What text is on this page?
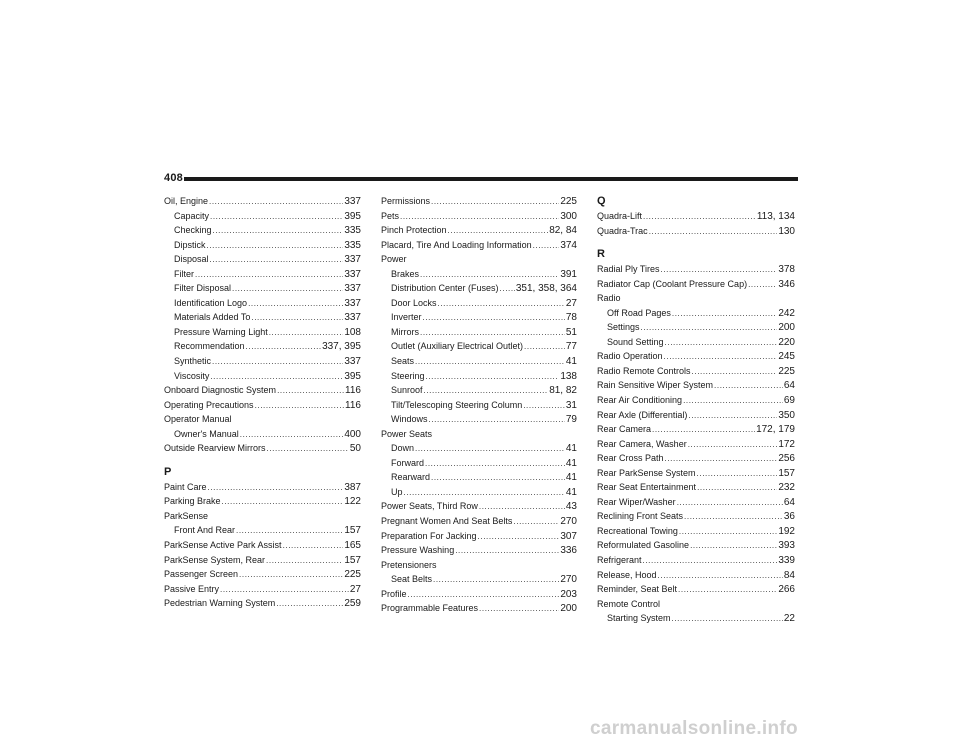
408
Oil, Engine .....	337
Capacity .....	395
Checking .....	335
Dipstick .....	335
Disposal .....	337
Filter .....	337
Filter Disposal .....	337
Identification Logo .....	337
Materials Added To .....	337
Pressure Warning Light .....	108
Recommendation .....	337, 395
Synthetic .....	337
Viscosity .....	395
Onboard Diagnostic System .....	116
Operating Precautions .....	116
Operator Manual
Owner's Manual .....	400
Outside Rearview Mirrors .....	50
P
Paint Care .....	387
Parking Brake .....	122
ParkSense
Front And Rear .....	157
ParkSense Active Park Assist .....	165
ParkSense System, Rear .....	157
Passenger Screen .....	225
Passive Entry .....	27
Pedestrian Warning System .....	259
Permissions .....	225
Pets .....	300
Pinch Protection .....	82, 84
Placard, Tire And Loading Information .....	374
Power
Brakes .....	391
Distribution Center (Fuses) ..... 351, 358, 364
Door Locks .....	27
Inverter .....	78
Mirrors .....	51
Outlet (Auxiliary Electrical Outlet) .....	77
Seats .....	41
Steering .....	138
Sunroof .....	81, 82
Tilt/Telescoping Steering Column .....	31
Windows .....	79
Power Seats
Down .....	41
Forward .....	41
Rearward .....	41
Up .....	41
Power Seats, Third Row .....	43
Pregnant Women And Seat Belts .....	270
Preparation For Jacking .....	307
Pressure Washing .....	336
Pretensioners
Seat Belts .....	270
Profile .....	203
Programmable Features .....	200
Q
Quadra-Lift .....	113, 134
Quadra-Trac .....	130
R
Radial Ply Tires .....	378
Radiator Cap (Coolant Pressure Cap) .....	346
Radio
Off Road Pages .....	242
Settings .....	200
Sound Setting .....	220
Radio Operation .....	245
Radio Remote Controls .....	225
Rain Sensitive Wiper System .....	64
Rear Air Conditioning .....	69
Rear Axle (Differential) .....	350
Rear Camera .....	172, 179
Rear Camera, Washer .....	172
Rear Cross Path .....	256
Rear ParkSense System .....	157
Rear Seat Entertainment .....	232
Rear Wiper/Washer .....	64
Reclining Front Seats .....	36
Recreational Towing .....	192
Reformulated Gasoline .....	393
Refrigerant .....	339
Release, Hood .....	84
Reminder, Seat Belt .....	266
Remote Control
Starting System .....	22
carmanualsonline.info
